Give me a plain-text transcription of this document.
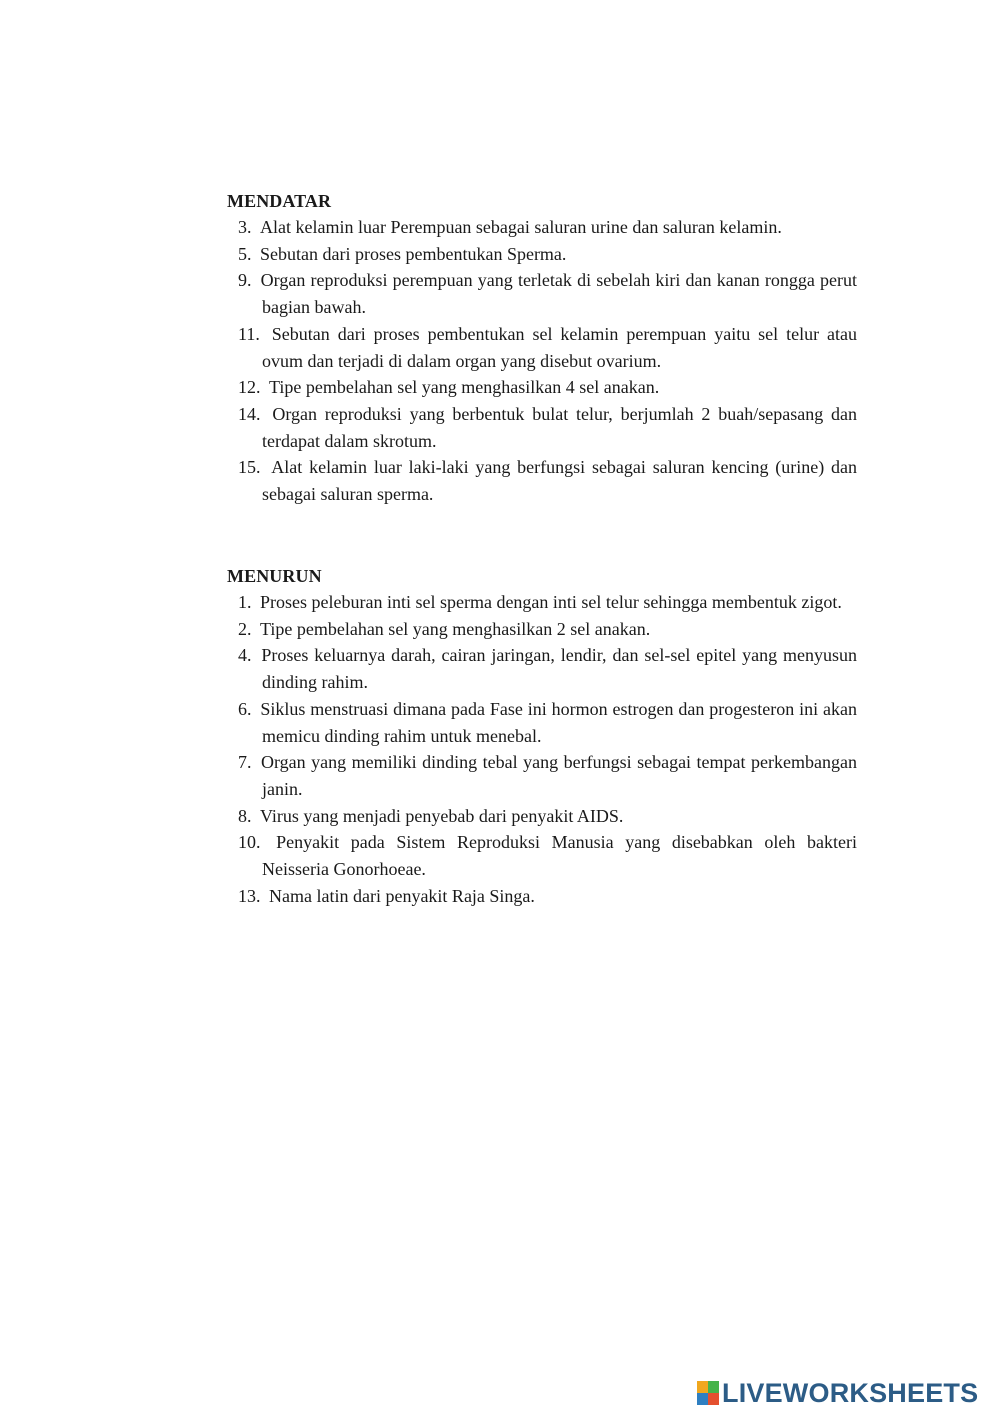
MENDATAR
3. Alat kelamin luar Perempuan sebagai saluran urine dan saluran kelamin.
5. Sebutan dari proses pembentukan Sperma.
9. Organ reproduksi perempuan yang terletak di sebelah kiri dan kanan rongga perut bagian bawah.
11. Sebutan dari proses pembentukan sel kelamin perempuan yaitu sel telur atau ovum dan terjadi di dalam organ yang disebut ovarium.
12. Tipe pembelahan sel yang menghasilkan 4 sel anakan.
14. Organ reproduksi yang berbentuk bulat telur, berjumlah 2 buah/sepasang dan terdapat dalam skrotum.
15. Alat kelamin luar laki-laki yang berfungsi sebagai saluran kencing (urine) dan sebagai saluran sperma.
MENURUN
1. Proses peleburan inti sel sperma dengan inti sel telur sehingga membentuk zigot.
2. Tipe pembelahan sel yang menghasilkan 2 sel anakan.
4. Proses keluarnya darah, cairan jaringan, lendir, dan sel-sel epitel yang menyusun dinding rahim.
6. Siklus menstruasi dimana pada Fase ini hormon estrogen dan progesteron ini akan memicu dinding rahim untuk menebal.
7. Organ yang memiliki dinding tebal yang berfungsi sebagai tempat perkembangan janin.
8. Virus yang menjadi penyebab dari penyakit AIDS.
10. Penyakit pada Sistem Reproduksi Manusia yang disebabkan oleh bakteri Neisseria Gonorhoeae.
13. Nama latin dari penyakit Raja Singa.
LIVEWORKSHEETS
